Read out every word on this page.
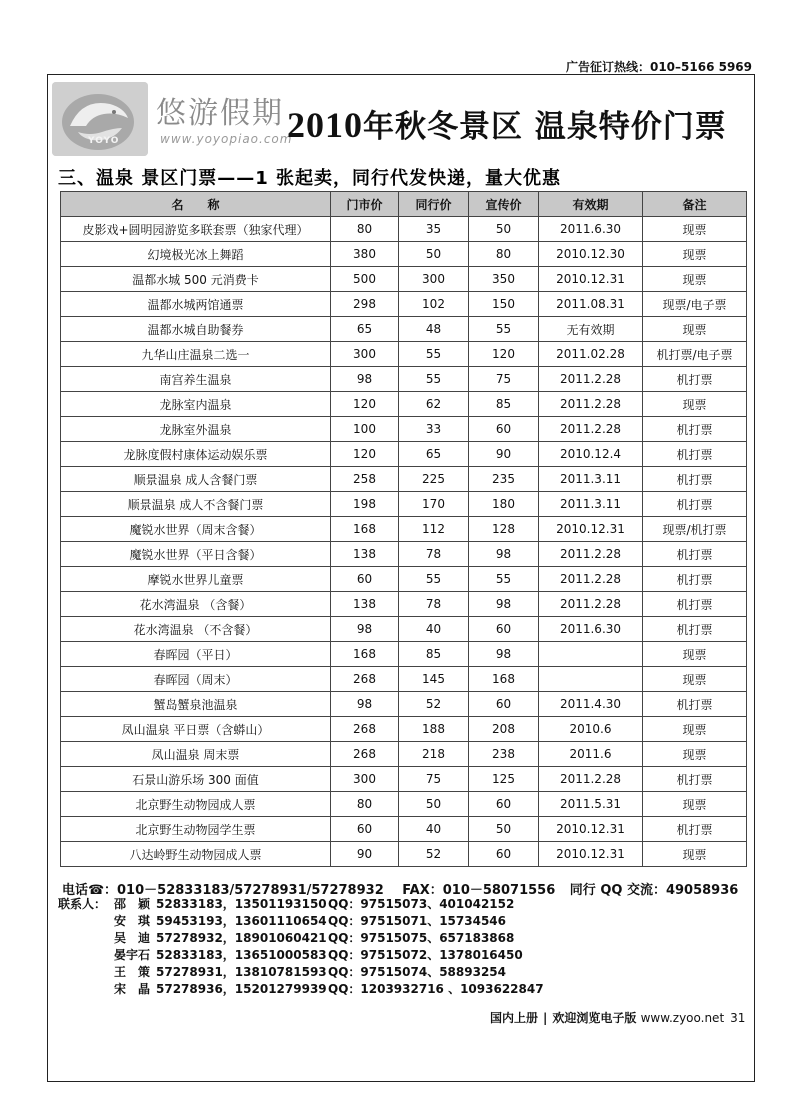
广告征订热线：010–5166 5969
YOYO
悠游假期
www.yoyopiao.com
2010年秋冬景区 温泉特价门票
三、温泉 景区门票——1 张起卖，同行代发快递，量大优惠
名　　称	门市价	同行价	宣传价	有效期	备注
皮影戏+圆明园游览多联套票（独家代理）	80	35	50	2011.6.30	现票
幻境极光冰上舞蹈	380	50	80	2010.12.30	现票
温都水城 500 元消费卡	500	300	350	2010.12.31	现票
温都水城两馆通票	298	102	150	2011.08.31	现票/电子票
温都水城自助餐券	65	48	55	无有效期	现票
九华山庄温泉二选一	300	55	120	2011.02.28	机打票/电子票
南宫养生温泉	98	55	75	2011.2.28	机打票
龙脉室内温泉	120	62	85	2011.2.28	现票
龙脉室外温泉	100	33	60	2011.2.28	机打票
龙脉度假村康体运动娱乐票	120	65	90	2010.12.4	机打票
顺景温泉 成人含餐门票	258	225	235	2011.3.11	机打票
顺景温泉 成人不含餐门票	198	170	180	2011.3.11	机打票
魔锐水世界（周末含餐）	168	112	128	2010.12.31	现票/机打票
魔锐水世界（平日含餐）	138	78	98	2011.2.28	机打票
摩锐水世界儿童票	60	55	55	2011.2.28	机打票
花水湾温泉 （含餐）	138	78	98	2011.2.28	机打票
花水湾温泉 （不含餐）	98	40	60	2011.6.30	机打票
春晖园（平日）	168	85	98		现票
春晖园（周末）	268	145	168		现票
蟹岛蟹泉池温泉	98	52	60	2011.4.30	机打票
凤山温泉 平日票（含蟒山）	268	188	208	2010.6	现票
凤山温泉 周末票	268	218	238	2011.6	现票
石景山游乐场 300 面值	300	75	125	2011.2.28	机打票
北京野生动物园成人票	80	50	60	2011.5.31	现票
北京野生动物园学生票	60	40	50	2010.12.31	机打票
八达岭野生动物园成人票	90	52	60	2010.12.31	现票
电话☎：010－52833183/57278931/57278932 FAX：010－58071556 同行 QQ 交流：49058936
联系人： 邵　颖 52833183，13501193150 QQ：97515073、401042152
安　琪 59453193，13601110654 QQ：97515071、15734546
吴　迪 57278932，18901060421 QQ：97515075、657183868
晏宇石 52833183，13651000583 QQ：97515072、1378016450
王　策 57278931，13810781593 QQ：97515074、58893254
宋　晶 57278936，15201279939 QQ：1203932716 、1093622847
国内上册 | 欢迎浏览电子版 www.zyoo.net 31
